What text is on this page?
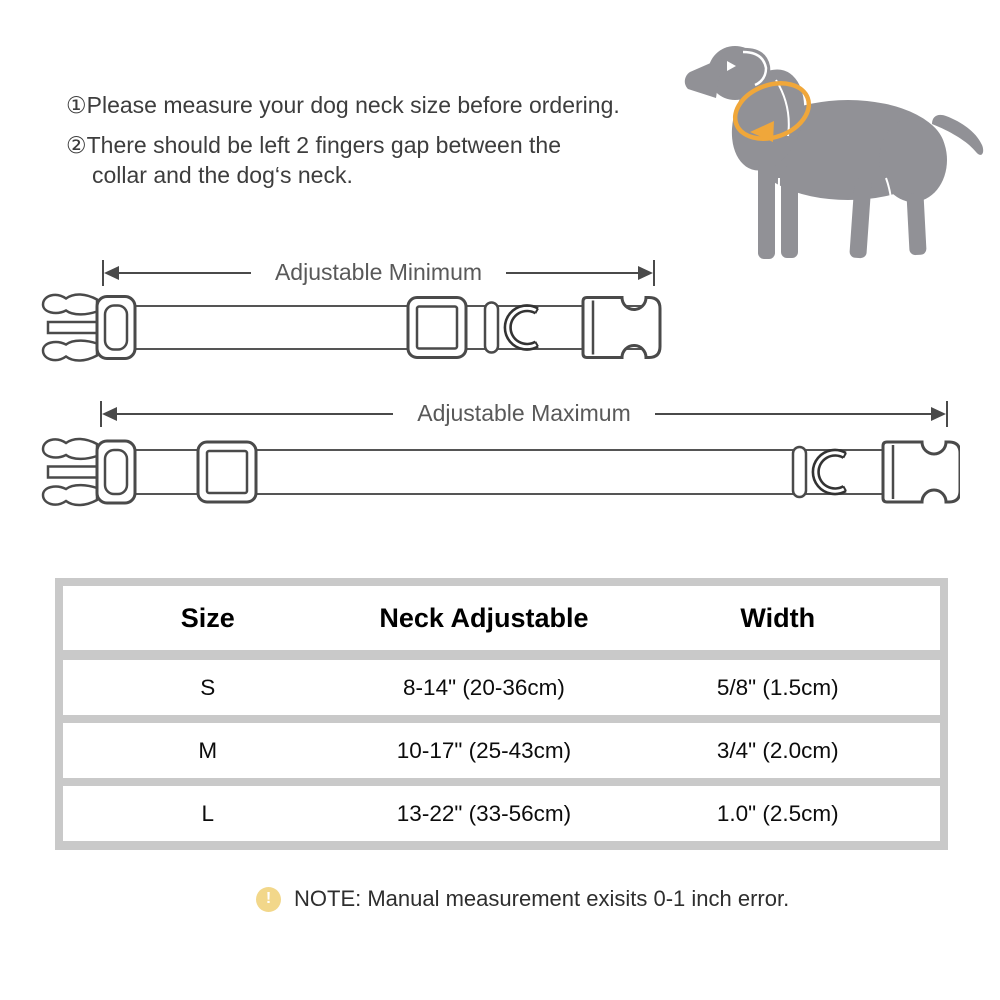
①Please measure your dog neck size before ordering.
②There should be left 2 fingers gap between the
collar and the dog‘s neck.
Adjustable Minimum
Adjustable Maximum
Size	Neck Adjustable	Width
S	8-14" (20-36cm)	5/8" (1.5cm)
M	10-17" (25-43cm)	3/4" (2.0cm)
L	13-22" (33-56cm)	1.0" (2.5cm)
!	NOTE: Manual measurement exisits 0-1 inch error.
